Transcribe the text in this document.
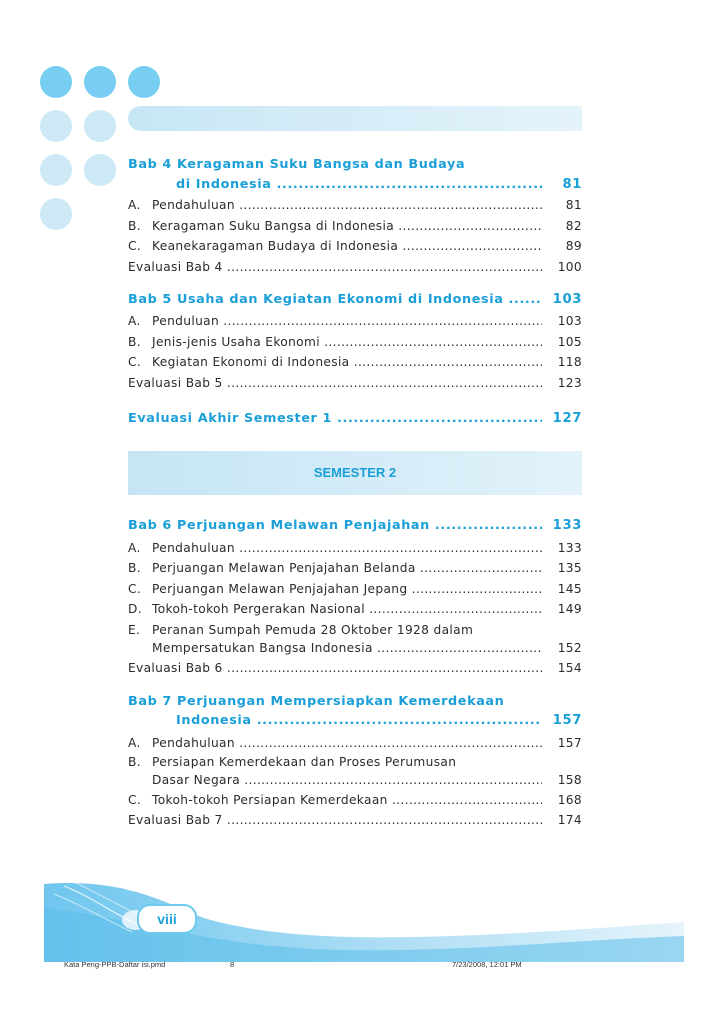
Bab 4 Keragaman Suku Bangsa dan Budaya
di Indonesia .....	81
A. Pendahuluan .....	81
B. Keragaman Suku Bangsa di Indonesia .....	82
C. Keanekaragaman Budaya di Indonesia .....	89
Evaluasi Bab 4 .....	100
Bab 5 Usaha dan Kegiatan Ekonomi di Indonesia .....	103
A. Penduluan .....	103
B. Jenis-jenis Usaha Ekonomi .....	105
C. Kegiatan Ekonomi di Indonesia .....	118
Evaluasi Bab 5 .....	123
Evaluasi Akhir Semester 1 .....	127
SEMESTER 2
Bab 6 Perjuangan Melawan Penjajahan .....	133
A. Pendahuluan .....	133
B. Perjuangan Melawan Penjajahan Belanda .....	135
C. Perjuangan Melawan Penjajahan Jepang .....	145
D. Tokoh-tokoh Pergerakan Nasional .....	149
E. Peranan Sumpah Pemuda 28 Oktober 1928 dalam
Mempersatukan Bangsa Indonesia .....	152
Evaluasi Bab 6 .....	154
Bab 7 Perjuangan Mempersiapkan Kemerdekaan
Indonesia .....	157
A. Pendahuluan .....	157
B. Persiapan Kemerdekaan dan Proses Perumusan
Dasar Negara .....	158
C. Tokoh-tokoh Persiapan Kemerdekaan .....	168
Evaluasi Bab 7 .....	174
viii
Kata Peng-PPB-Daftar isi.pmd	8	7/23/2008, 12:01 PM
